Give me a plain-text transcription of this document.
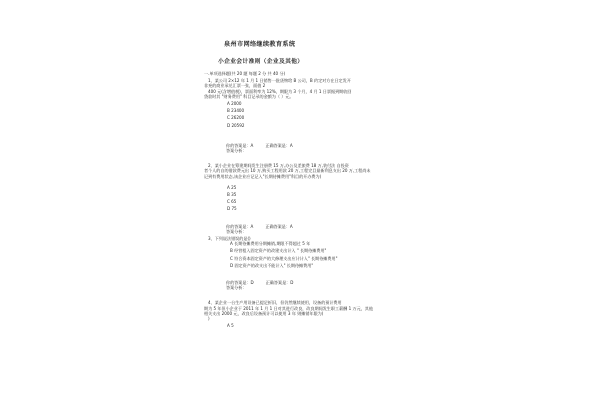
泉州市网络继续教育系统
小企业会计准则（企业及其他）
一.单项选择题(共 20 题 每题 2 分 共 40 分)

1、某公司 2×12 年 1 月 1 日销售一批货物给 B 公司，B 约定对方在日定发开

非充的商业承兑汇票一张，面值 2

400 元(含增值税)，票面利率为 12%，期限为 3 个月，4 月 1 日票据到期收回

贷款时其 "财务费用" 科目记录的金额为（ ）元。

A 2000
B 23400
C 26200
D 20592
你的答案是：A	正确答案是：A
答案分析：

2、某小企业在筹建期间发生注册费 15 万,办公及差旅费 18 万,装付法 自投资

者个人的自的借款费元出 10 万,购买工程用款 20 万,工程完目最新利息支出 20 万,工程尚未

记到有费用状态,该企业应记记入"长期待摊费用"科目的开办费为(

A 25
B 35
C 65
D 75
你的答案是：A	正确答案是：A
答案分析：

3、下列说法错误的是()

A 长期待摊费用分期摊销,期限不得超过 5 年
B 经营租入固定资产的改建支出计入 " 长期待摊费用"
C 符合资本固定资产的大修理支出应计计入" 长期待摊费用"
D 固定资产的改支出不能计入" 长期待摊费用"
你的答案是：D	正确答案是：D
答案分析：

4、某企业一台生产用设备已提足折旧，但仍然继续使用，设备的预计费用

期为 5 年但小企业于 2011 年 1 月 1 日对其进行改良，改良期间发生职工薪酬 1 万元，其他

相关支出 2000 元，改良后设备预计可以使用 3 年 则摊销年限为(

)

A 5
